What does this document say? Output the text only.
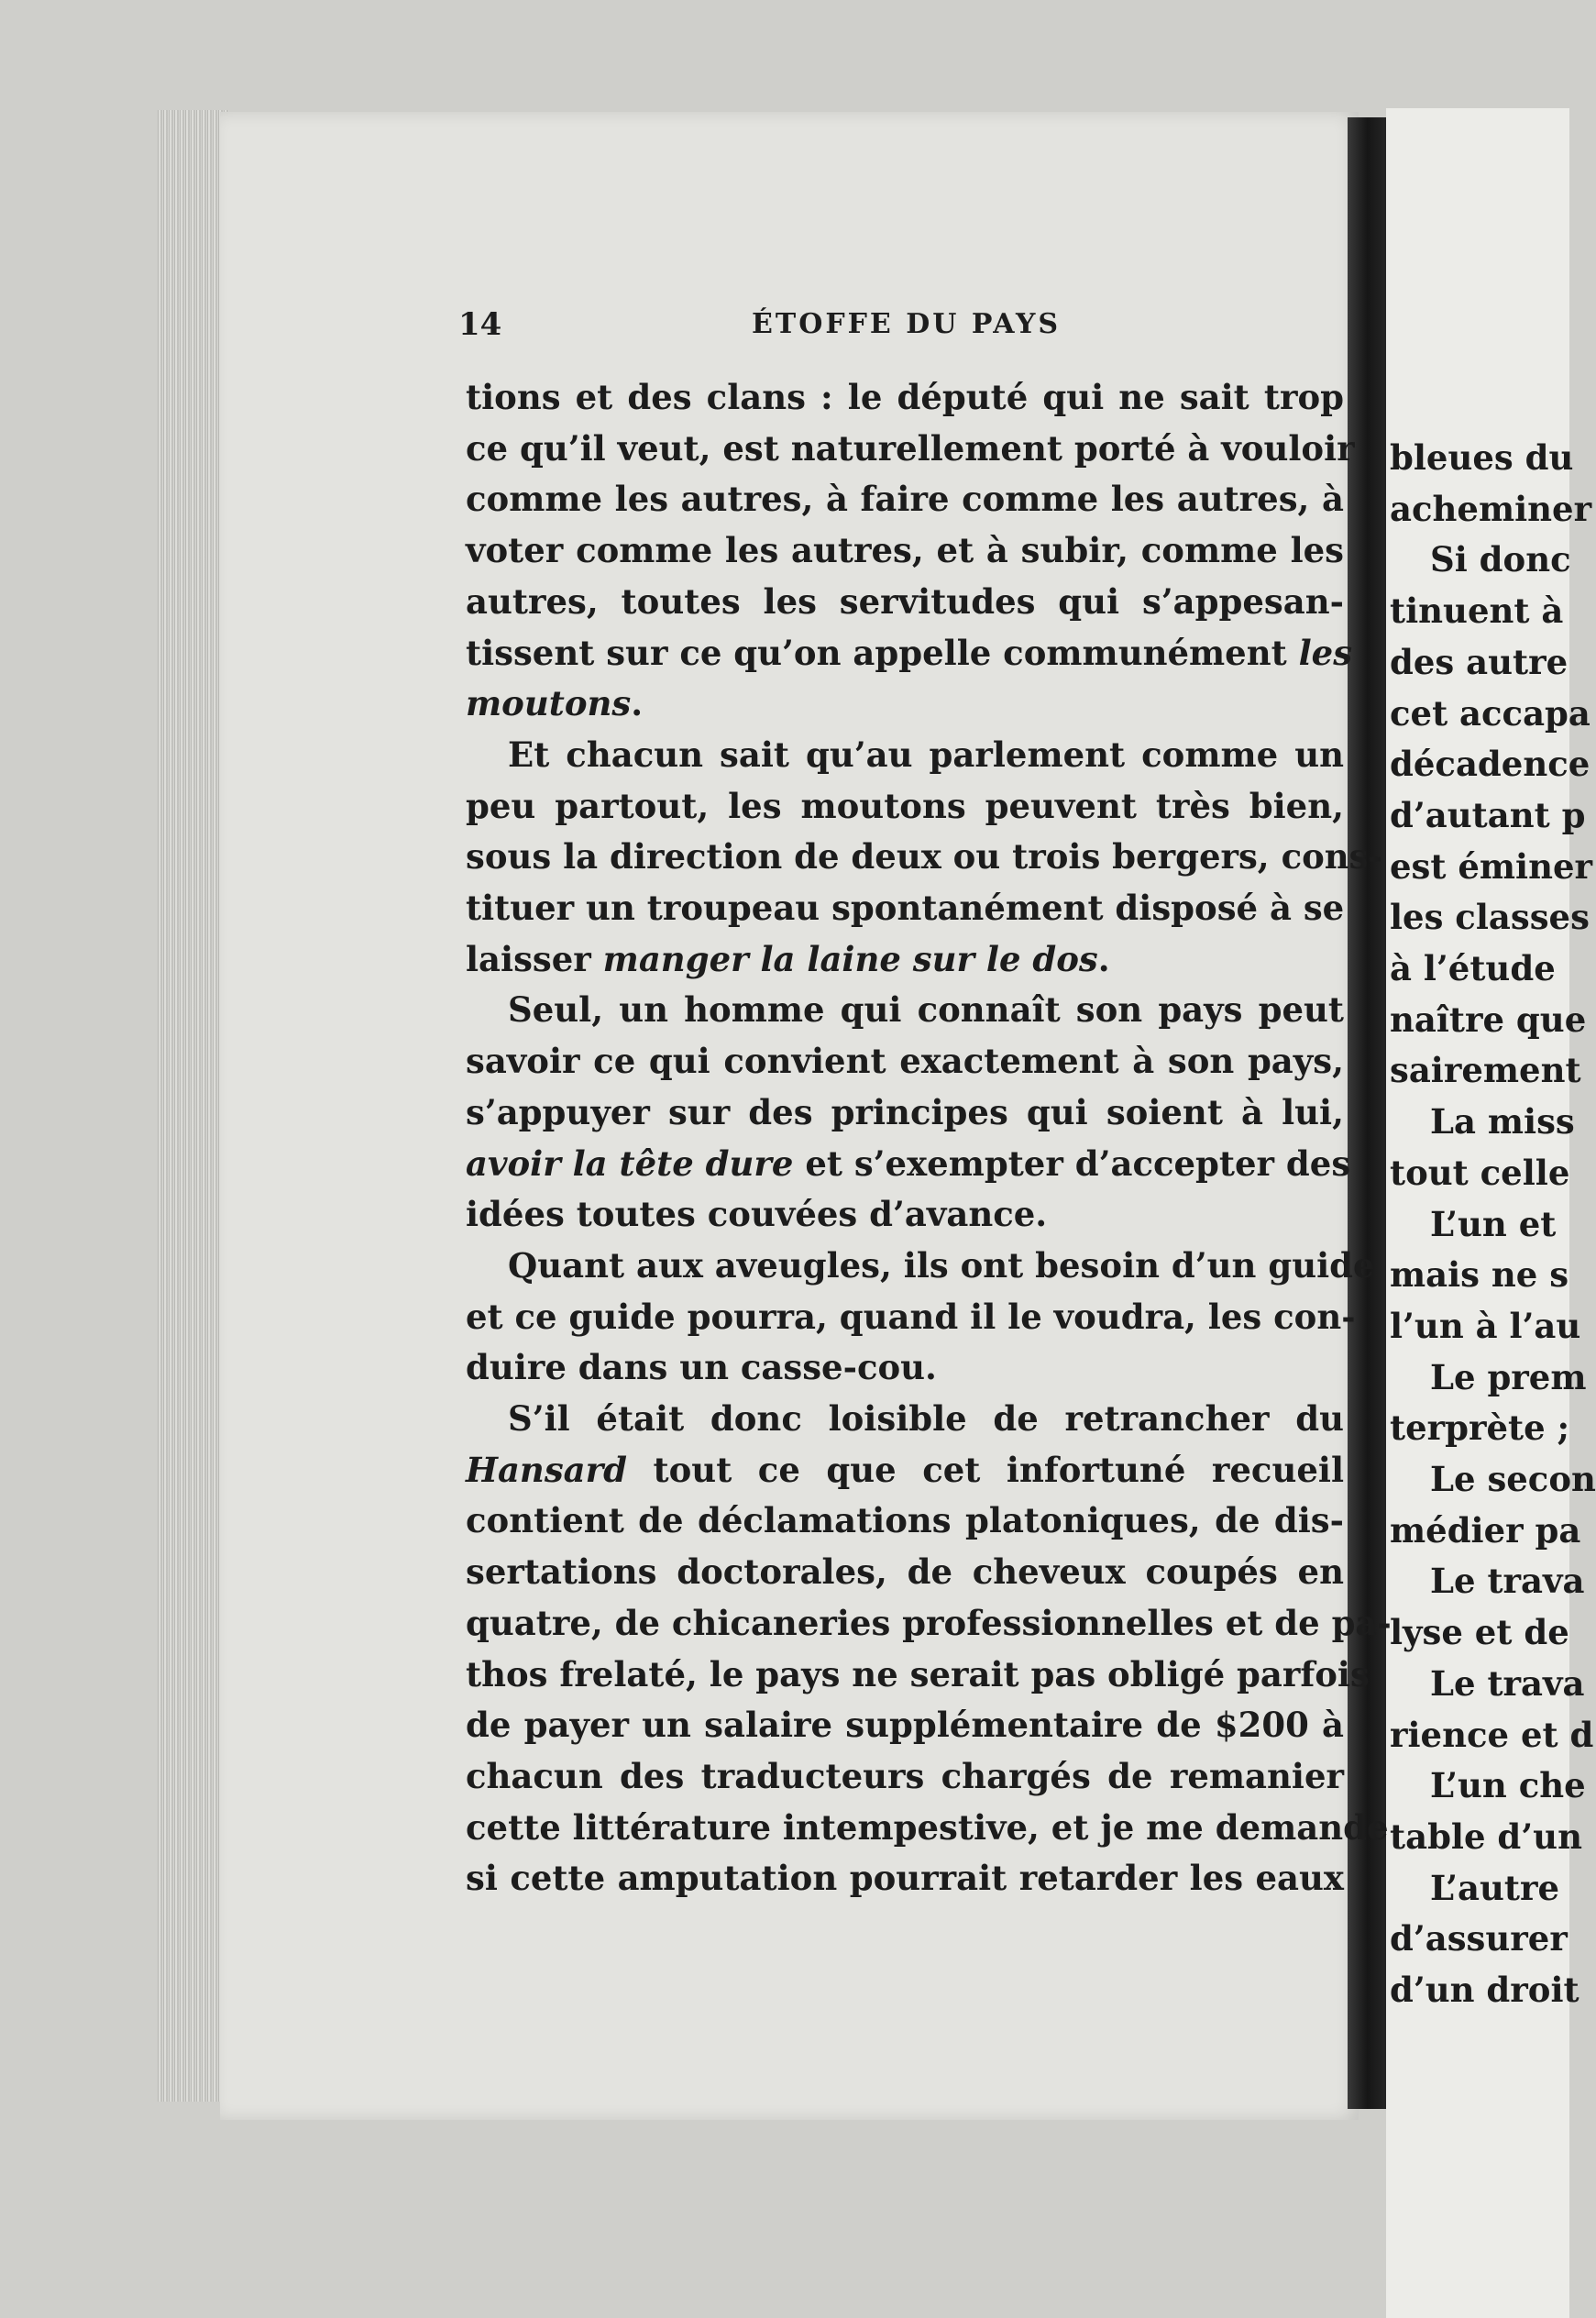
14	ÉTOFFE DU PAYS
tions et des clans : le député qui ne sait trop
ce qu’il veut, est naturellement porté à vouloir
comme les autres, à faire comme les autres, à
voter comme les autres, et à subir, comme les
autres, toutes les servitudes qui s’appesan-
tissent sur ce qu’on appelle communément les
moutons.
Et chacun sait qu’au parlement comme un
peu partout, les moutons peuvent très bien,
sous la direction de deux ou trois bergers, cons-
tituer un troupeau spontanément disposé à se
laisser manger la laine sur le dos.
Seul, un homme qui connaît son pays peut
savoir ce qui convient exactement à son pays,
s’appuyer sur des principes qui soient à lui,
avoir la tête dure et s’exempter d’accepter des
idées toutes couvées d’avance.
Quant aux aveugles, ils ont besoin d’un guide
et ce guide pourra, quand il le voudra, les con-
duire dans un casse-cou.
S’il était donc loisible de retrancher du
Hansard tout ce que cet infortuné recueil
contient de déclamations platoniques, de dis-
sertations doctorales, de cheveux coupés en
quatre, de chicaneries professionnelles et de pa-
thos frelaté, le pays ne serait pas obligé parfois
de payer un salaire supplémentaire de $200 à
chacun des traducteurs chargés de remanier
cette littérature intempestive, et je me demande
si cette amputation pourrait retarder les eaux
bleues du
acheminer
Si donc
tinuent à
des autre
cet accapa
décadence
d’autant p
est éminer
les classes
à l’étude
naître que
sairement
La miss
tout celle
L’un et
mais ne s
l’un à l’au
Le prem
terprète ;
Le secon
médier pa
Le trava
lyse et de
Le trava
rience et d
L’un che
table d’un
L’autre
d’assurer
d’un droit
